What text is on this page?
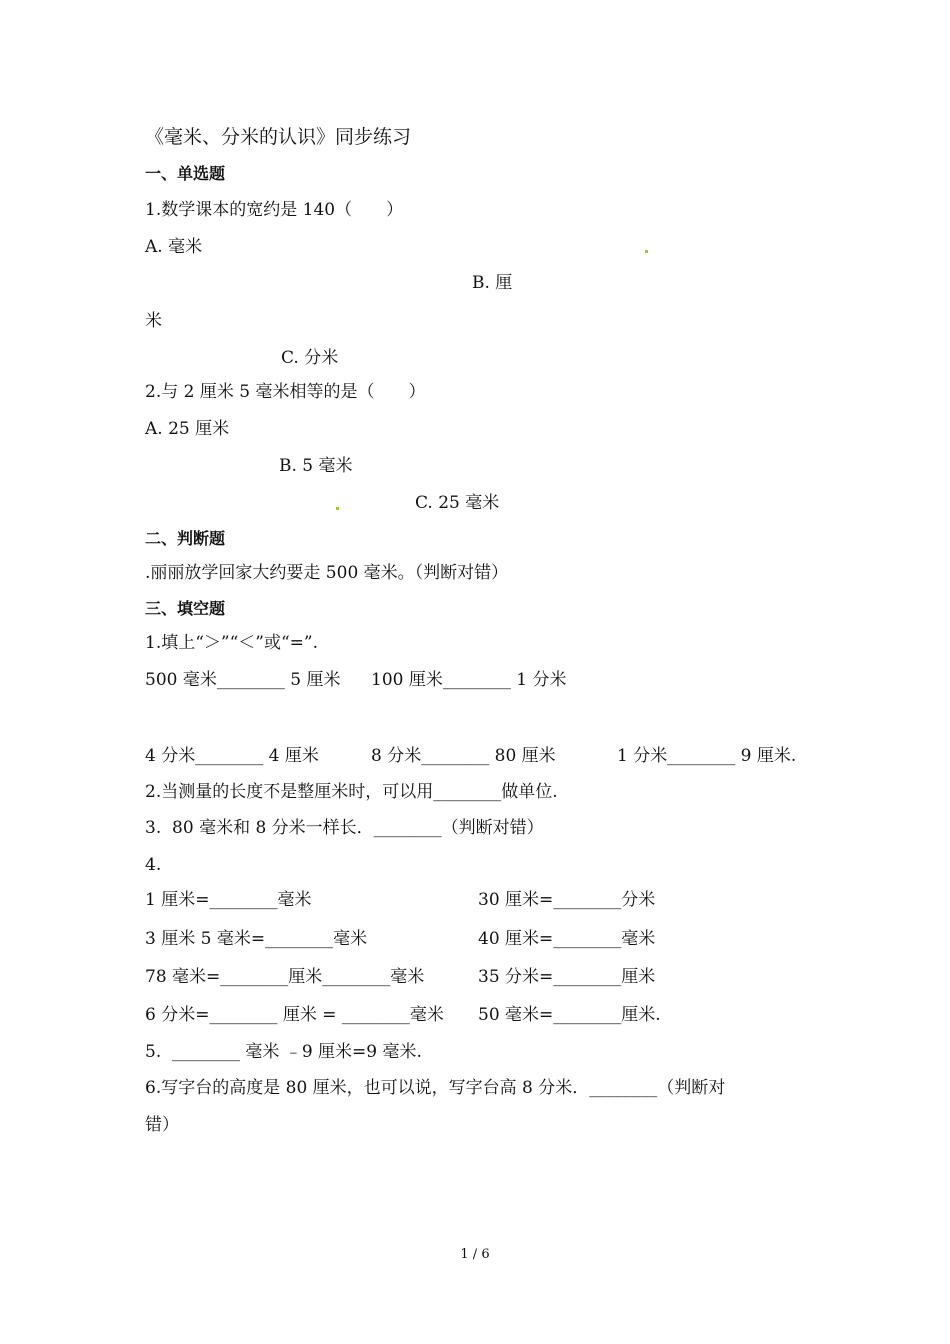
《毫米、分米的认识》同步练习
一、单选题
1.数学课本的宽约是 140（　　）
A. 毫米
B. 厘
米
C. 分米
2.与 2 厘米 5 毫米相等的是（　　）
A. 25 厘米
B. 5 毫米
C. 25 毫米
二、判断题
.丽丽放学回家大约要走 500 毫米。（判断对错）
三、填空题
1.填上“＞”“＜”或“=”.
500 毫米________ 5 厘米 100 厘米________ 1 分米
4 分米________ 4 厘米	8 分米________ 80 厘米	1 分米________ 9 厘米.
2.当测量的长度不是整厘米时，可以用________做单位.
3.  80 毫米和 8 分米一样长．________（判断对错）
4.
1 厘米=________毫米	30 厘米=________分米
3 厘米 5 毫米=________毫米	40 厘米=________毫米
78 毫米=________厘米________毫米	35 分米=________厘米
6 分米=________ 厘米 = ________毫米 50 毫米=________厘米.
5.  ________ 毫米 ﹣9 厘米=9 毫米.
6.写字台的高度是 80 厘米，也可以说，写字台高 8 分米．________（判断对
错）
1 / 6
